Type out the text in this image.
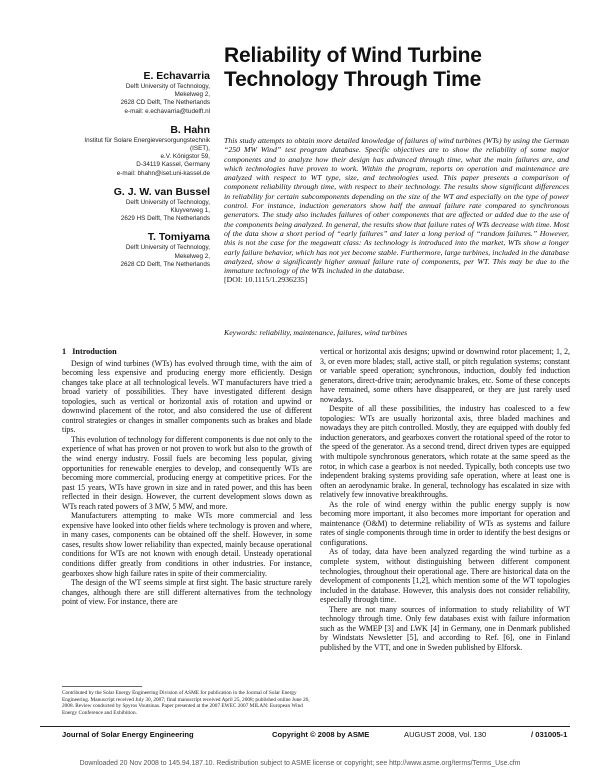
E. Echavarria
Delft University of Technology,
Mekelweg 2,
2628 CD Delft, The Netherlands
e-mail: e.echavarria@tudelft.nl
B. Hahn
Institut für Solare Energieversorgungstechnik
(ISET),
e.V. Königstor 59,
D-34119 Kassel, Germany
e-mail: bhahn@iset.uni-kassel.de
G. J. W. van Bussel
Delft University of Technology,
Kluyverweg 1,
2629 HS Delft, The Netherlands
T. Tomiyama
Delft University of Technology,
Mekelweg 2,
2628 CD Delft, The Netherlands
Reliability of Wind Turbine Technology Through Time
This study attempts to obtain more detailed knowledge of failures of wind turbines (WTs) by using the German “250 MW Wind” test program database. Specific objectives are to show the reliability of some major components and to analyze how their design has advanced through time, what the main failures are, and which technologies have proven to work. Within the program, reports on operation and maintenance are analyzed with respect to WT type, size, and technologies used. This paper presents a comparison of component reliability through time, with respect to their technology. The results show significant differences in reliability for certain subcomponents depending on the size of the WT and especially on the type of power control. For instance, induction generators show half the annual failure rate compared to synchronous generators. The study also includes failures of other components that are affected or added due to the use of the components being analyzed. In general, the results show that failure rates of WTs decrease with time. Most of the data show a short period of “early failures” and later a long period of “random failures.” However, this is not the case for the megawatt class: As technology is introduced into the market, WTs show a longer early failure behavior, which has not yet become stable. Furthermore, large turbines, included in the database analyzed, show a significantly higher annual failure rate of components, per WT. This may be due to the immature technology of the WTs included in the database.
[DOI: 10.1115/1.2936235]
Keywords: reliability, maintenance, failures, wind turbines
1 Introduction

Design of wind turbines (WTs) has evolved through time, with the aim of becoming less expensive and producing energy more efficiently. Design changes take place at all technological levels. WT manufacturers have tried a broad variety of possibilities. They have investigated different design topologies, such as vertical or horizontal axis of rotation and upwind or downwind placement of the rotor, and also considered the use of different control strategies or changes in smaller components such as brakes and blade tips.

This evolution of technology for different components is due not only to the experience of what has proven or not proven to work but also to the growth of the wind energy industry. Fossil fuels are becoming less popular, giving opportunities for renewable energies to develop, and consequently WTs are becoming more commercial, producing energy at competitive prices. For the past 15 years, WTs have grown in size and in rated power, and this has been reflected in their design. However, the current development slows down as WTs reach rated powers of 3 MW, 5 MW, and more.

Manufacturers attempting to make WTs more commercial and less expensive have looked into other fields where technology is proven and where, in many cases, components can be obtained off the shelf. However, in some cases, results show lower reliability than expected, mainly because operational conditions for WTs are not known with enough detail. Unsteady operational conditions differ greatly from conditions in other industries. For instance, gearboxes show high failure rates in spite of their commerciality.

The design of the WT seems simple at first sight. The basic structure rarely changes, although there are still different alternatives from the technology point of view. For instance, there are

vertical or horizontal axis designs; upwind or downwind rotor placement; 1, 2, 3, or even more blades; stall, active stall, or pitch regulation systems; constant or variable speed operation; synchronous, induction, doubly fed induction generators, direct-drive train; aerodynamic brakes, etc. Some of these concepts have remained, some others have disappeared, or they are just rarely used nowadays.

Despite of all these possibilities, the industry has coalesced to a few topologies: WTs are usually horizontal axis, three bladed machines and nowadays they are pitch controlled. Mostly, they are equipped with doubly fed induction generators, and gearboxes convert the rotational speed of the rotor to the speed of the generator. As a second trend, direct driven types are equipped with multipole synchronous generators, which rotate at the same speed as the rotor, in which case a gearbox is not needed. Typically, both concepts use two independent braking systems providing safe operation, where at least one is often an aerodynamic brake. In general, technology has escalated in size with relatively few innovative breakthroughs.

As the role of wind energy within the public energy supply is now becoming more important, it also becomes more important for operation and maintenance (O&M) to determine reliability of WTs as systems and failure rates of single components through time in order to identify the best designs or configurations.

As of today, data have been analyzed regarding the wind turbine as a complete system, without distinguishing between different component technologies, throughout their operational age. There are historical data on the development of components [1,2], which mention some of the WT topologies included in the database. However, this analysis does not consider reliability, especially through time.

There are not many sources of information to study reliability of WT technology through time. Only few databases exist with failure information such as the WMEP [3] and LWK [4] in Germany, one in Denmark published by Windstats Newsletter [5], and according to Ref. [6], one in Finland published by the VTT, and one in Sweden published by Elforsk.

Contributed by the Solar Energy Engineering Division of ASME for publication in the Journal of Solar Energy Engineering. Manuscript received July 30, 2007; final manuscript received April 25, 2008; published online June 26, 2008. Review conducted by Spyros Voutsinas. Paper presented at the 2007 EWEC 2007 MILAN: European Wind Energy Conference and Exhibition.
Journal of Solar Energy Engineering	Copyright © 2008 by ASME	AUGUST 2008, Vol. 130	/ 031005-1
Downloaded 20 Nov 2008 to 145.94.187.10. Redistribution subject to ASME license or copyright; see http://www.asme.org/terms/Terms_Use.cfm
